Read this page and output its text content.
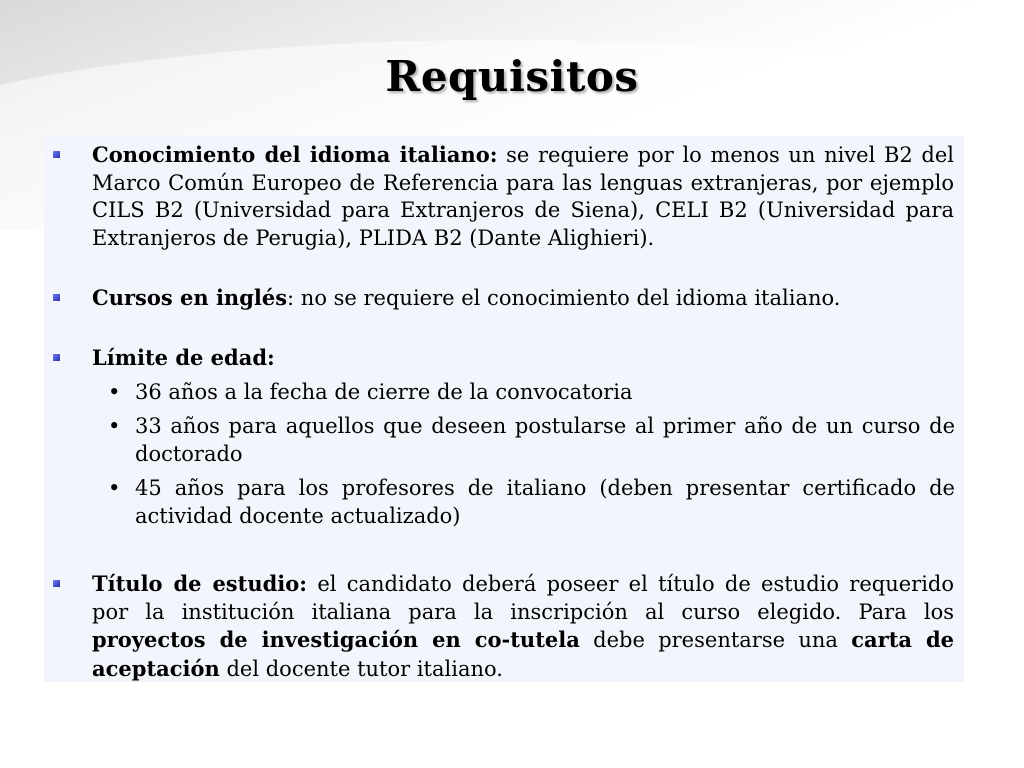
Requisitos
Conocimiento del idioma italiano: se requiere por lo menos un nivel B2 del Marco Común Europeo de Referencia para las lenguas extranjeras, por ejemplo CILS B2 (Universidad para Extranjeros de Siena), CELI B2 (Universidad para Extranjeros de Perugia), PLIDA B2 (Dante Alighieri).
Cursos en inglés: no se requiere el conocimiento del idioma italiano.
Límite de edad:
• 36 años a la fecha de cierre de la convocatoria
• 33 años para aquellos que deseen postularse al primer año de un curso de doctorado
• 45 años para los profesores de italiano (deben presentar certificado de actividad docente actualizado)
Título de estudio: el candidato deberá poseer el título de estudio requerido por la institución italiana para la inscripción al curso elegido. Para los proyectos de investigación en co-tutela debe presentarse una carta de aceptación del docente tutor italiano.
